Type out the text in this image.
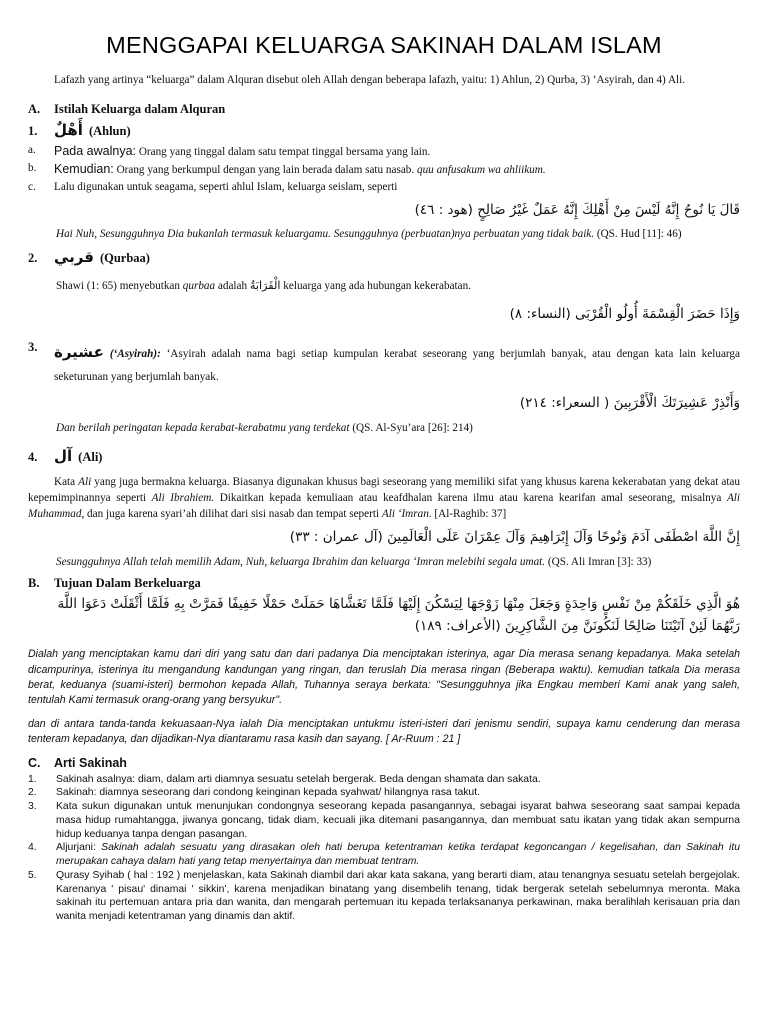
MENGGAPAI KELUARGA SAKINAH DALAM ISLAM

Lafazh yang artinya “keluarga” dalam Alquran disebut oleh Allah dengan beberapa lafazh, yaitu: 1) Ahlun, 2) Qurba, 3) ‘Asyirah, dan 4) Ali.

A.	Istilah Keluarga dalam Alquran
1.	أَهْلٌ (Ahlun)
a.	Pada awalnya: Orang yang tinggal dalam satu tempat tinggal bersama yang lain.
b.	Kemudian: Orang yang berkumpul dengan yang lain berada dalam satu nasab. quu anfusakum wa ahliikum.
c.	Lalu digunakan untuk seagama, seperti ahlul Islam, keluarga seislam, seperti
قَالَ يَا نُوحُ إِنَّهُ لَيْسَ مِنْ أَهْلِكَ إِنَّهُ عَمَلٌ غَيْرُ صَالِحٍ (هود : ٤٦)

Hai Nuh, Sesungguhnya Dia bukanlah termasuk keluargamu. Sesungguhnya (perbuatan)nya perbuatan yang tidak baik. (QS. Hud [11]: 46)

2.	قربي (Qurbaa)

Shawi (1: 65) menyebutkan qurbaa adalah الْقَرَابَةُ keluarga yang ada hubungan kekerabatan.

وَإِذَا حَضَرَ الْقِسْمَةَ أُولُو الْقُرْبَى (النساء: ٨)
3.	عشيرة (‘Asyirah): ‘Asyirah adalah nama bagi setiap kumpulan kerabat seseorang yang berjumlah banyak, atau dengan kata lain keluarga seketurunan yang berjumlah banyak.
وَأَنْذِرْ عَشِيرَتَكَ الْأَقْرَبِينَ ( السعراء: ٢١٤)

Dan berilah peringatan kepada kerabat-kerabatmu yang terdekat (QS. Al-Syu’ara [26]: 214)

4.	آل (Ali)

Kata Ali yang juga bermakna keluarga. Biasanya digunakan khusus bagi seseorang yang memiliki sifat yang khusus karena kekerabatan yang dekat atau kepemimpinannya seperti Ali Ibrahiem. Dikaitkan kepada kemuliaan atau keafdhalan karena ilmu atau karena kearifan amal seseorang, misalnya Ali Muhammad, dan juga karena syari’ah dilihat dari sisi nasab dan tempat seperti Ali ‘Imran. [Al-Raghib: 37]

إِنَّ اللَّهَ اصْطَفَى آدَمَ وَنُوحًا وَآلَ إِبْرَاهِيمَ وَآلَ عِمْرَانَ عَلَى الْعَالَمِينَ (آل عمران : ٣٣)

Sesungguhnya Allah telah memilih Adam, Nuh, keluarga Ibrahim dan keluarga ‘Imran melebihi segala umat. (QS. Ali Imran [3]: 33)

B.	Tujuan Dalam Berkeluarga
هُوَ الَّذِي خَلَقَكُمْ مِنْ نَفْسٍ وَاحِدَةٍ وَجَعَلَ مِنْهَا زَوْجَهَا لِيَسْكُنَ إِلَيْهَا فَلَمَّا تَغَشَّاهَا حَمَلَتْ حَمْلًا خَفِيفًا فَمَرَّتْ بِهِ فَلَمَّا أَثْقَلَتْ دَعَوَا اللَّهَ رَبَّهُمَا لَئِنْ آتَيْتَنَا صَالِحًا لَنَكُونَنَّ مِنَ الشَّاكِرِينَ (الأعراف: ١٨٩)

Dialah yang menciptakan kamu dari diri yang satu dan dari padanya Dia menciptakan isterinya, agar Dia merasa senang kepadanya. Maka setelah dicampurinya, isterinya itu mengandung kandungan yang ringan, dan teruslah Dia merasa ringan (Beberapa waktu). kemudian tatkala Dia merasa berat, keduanya (suami-isteri) bermohon kepada Allah, Tuhannya seraya berkata: "Sesungguhnya jika Engkau memberi Kami anak yang saleh, tentulah Kami termasuk orang-orang yang bersyukur".

dan di antara tanda-tanda kekuasaan-Nya ialah Dia menciptakan untukmu isteri-isteri dari jenismu sendiri, supaya kamu cenderung dan merasa tenteram kepadanya, dan dijadikan-Nya diantaramu rasa kasih dan sayang. [ Ar-Ruum : 21 ]

C.	Arti Sakinah
1.	Sakinah asalnya: diam, dalam arti diamnya sesuatu setelah bergerak. Beda dengan shamata dan sakata.
2.	Sakinah: diamnya seseorang dari condong keinginan kepada syahwat/ hilangnya rasa takut.
3.	Kata sukun digunakan untuk menunjukan condongnya seseorang kepada pasangannya, sebagai isyarat bahwa seseorang saat sampai kepada masa hidup rumahtangga, jiwanya goncang, tidak diam, kecuali jika ditemani pasangannya, dan membuat satu ikatan yang tidak akan sempurna hidup keduanya tanpa dengan pasangan.
4.	Aljurjani: Sakinah adalah sesuatu yang dirasakan oleh hati berupa ketentraman ketika terdapat kegoncangan / kegelisahan, dan Sakinah itu merupakan cahaya dalam hati yang tetap menyertainya dan membuat tentram.
5.	Qurasy Syihab ( hal : 192 ) menjelaskan, kata Sakinah diambil dari akar kata sakana, yang berarti diam, atau tenangnya sesuatu setelah bergejolak. Karenanya ' pisau' dinamai ' sikkin', karena menjadikan binatang yang disembelih tenang, tidak bergerak setelah sebelumnya meronta. Maka sakinah itu pertemuan antara pria dan wanita, dan mengarah pertemuan itu kepada terlaksananya perkawinan, maka beralihlah kerisauan pria dan wanita menjadi ketentraman yang dinamis dan aktif.
